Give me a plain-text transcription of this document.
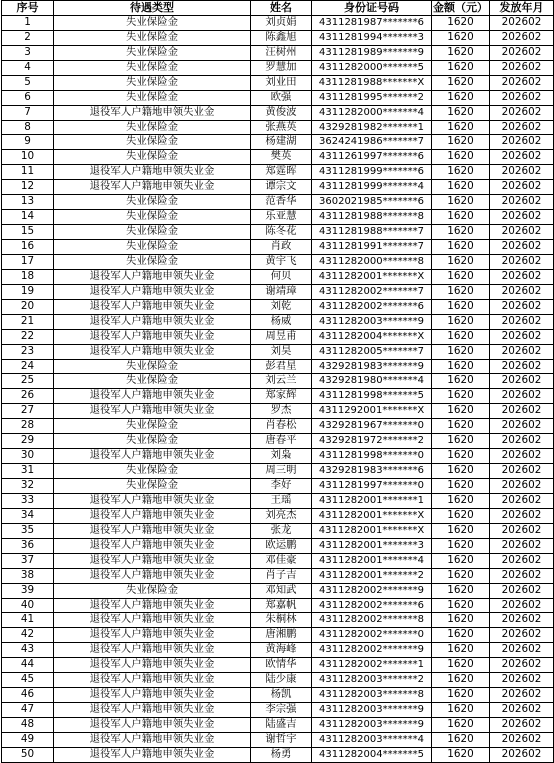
序号	待遇类型	姓名	身份证号码	金额（元）	发放年月
1	失业保险金	刘贞娟	4311281987*******6	1620	202602
2	失业保险金	陈鑫旭	4311281994*******3	1620	202602
3	失业保险金	汪树州	4311281989*******9	1620	202602
4	失业保险金	罗慧加	4311282000*******5	1620	202602
5	失业保险金	刘业田	4311281988*******X	1620	202602
6	失业保险金	欧强	4311281995*******2	1620	202602
7	退役军人户籍地申领失业金	黄俊波	4311282000*******4	1620	202602
8	失业保险金	张燕英	4329281982*******1	1620	202602
9	失业保险金	杨建湖	3624241986*******7	1620	202602
10	失业保险金	樊英	4311261997*******6	1620	202602
11	退役军人户籍地申领失业金	郑霆晖	4311281999*******6	1620	202602
12	退役军人户籍地申领失业金	谭宗文	4311281999*******4	1620	202602
13	失业保险金	范香华	3602021985*******6	1620	202602
14	失业保险金	乐亚慧	4311281988*******8	1620	202602
15	失业保险金	陈冬花	4311281988*******7	1620	202602
16	失业保险金	肖政	4311281991*******7	1620	202602
17	失业保险金	黄宇飞	4311282000*******8	1620	202602
18	退役军人户籍地申领失业金	何贝	4311282001*******X	1620	202602
19	退役军人户籍地申领失业金	谢靖璋	4311282002*******7	1620	202602
20	退役军人户籍地申领失业金	刘乾	4311282002*******6	1620	202602
21	退役军人户籍地申领失业金	杨威	4311282003*******9	1620	202602
22	退役军人户籍地申领失业金	周昱甫	4311282004*******X	1620	202602
23	退役军人户籍地申领失业金	刘昊	4311282005*******7	1620	202602
24	失业保险金	彭君星	4329281983*******9	1620	202602
25	失业保险金	刘云兰	4329281980*******4	1620	202602
26	退役军人户籍地申领失业金	郑家辉	4311281998*******5	1620	202602
27	退役军人户籍地申领失业金	罗杰	4311292001*******X	1620	202602
28	失业保险金	肖春松	4329281967*******0	1620	202602
29	失业保险金	唐春平	4329281972*******2	1620	202602
30	退役军人户籍地申领失业金	刘枭	4311281998*******0	1620	202602
31	失业保险金	周三明	4329281983*******6	1620	202602
32	失业保险金	李好	4311281997*******0	1620	202602
33	退役军人户籍地申领失业金	王瑶	4311282001*******1	1620	202602
34	退役军人户籍地申领失业金	刘亮杰	4311282001*******X	1620	202602
35	退役军人户籍地申领失业金	张龙	4311282001*******X	1620	202602
36	退役军人户籍地申领失业金	欧运鹏	4311282001*******3	1620	202602
37	退役军人户籍地申领失业金	邓佳豪	4311282001*******4	1620	202602
38	退役军人户籍地申领失业金	肖子吉	4311282001*******2	1620	202602
39	失业保险金	邓知武	4311282002*******9	1620	202602
40	退役军人户籍地申领失业金	郑嘉帆	4311282002*******6	1620	202602
41	退役军人户籍地申领失业金	朱桐林	4311282002*******8	1620	202602
42	退役军人户籍地申领失业金	唐湘鹏	4311282002*******0	1620	202602
43	退役军人户籍地申领失业金	黄海峰	4311282002*******9	1620	202602
44	退役军人户籍地申领失业金	欧情华	4311282002*******1	1620	202602
45	退役军人户籍地申领失业金	陆少康	4311282003*******2	1620	202602
46	退役军人户籍地申领失业金	杨凯	4311282003*******8	1620	202602
47	退役军人户籍地申领失业金	李宗强	4311282003*******9	1620	202602
48	退役军人户籍地申领失业金	陆盛吉	4311282003*******9	1620	202602
49	退役军人户籍地申领失业金	谢哲宇	4311282003*******4	1620	202602
50	退役军人户籍地申领失业金	杨勇	4311282004*******5	1620	202602
